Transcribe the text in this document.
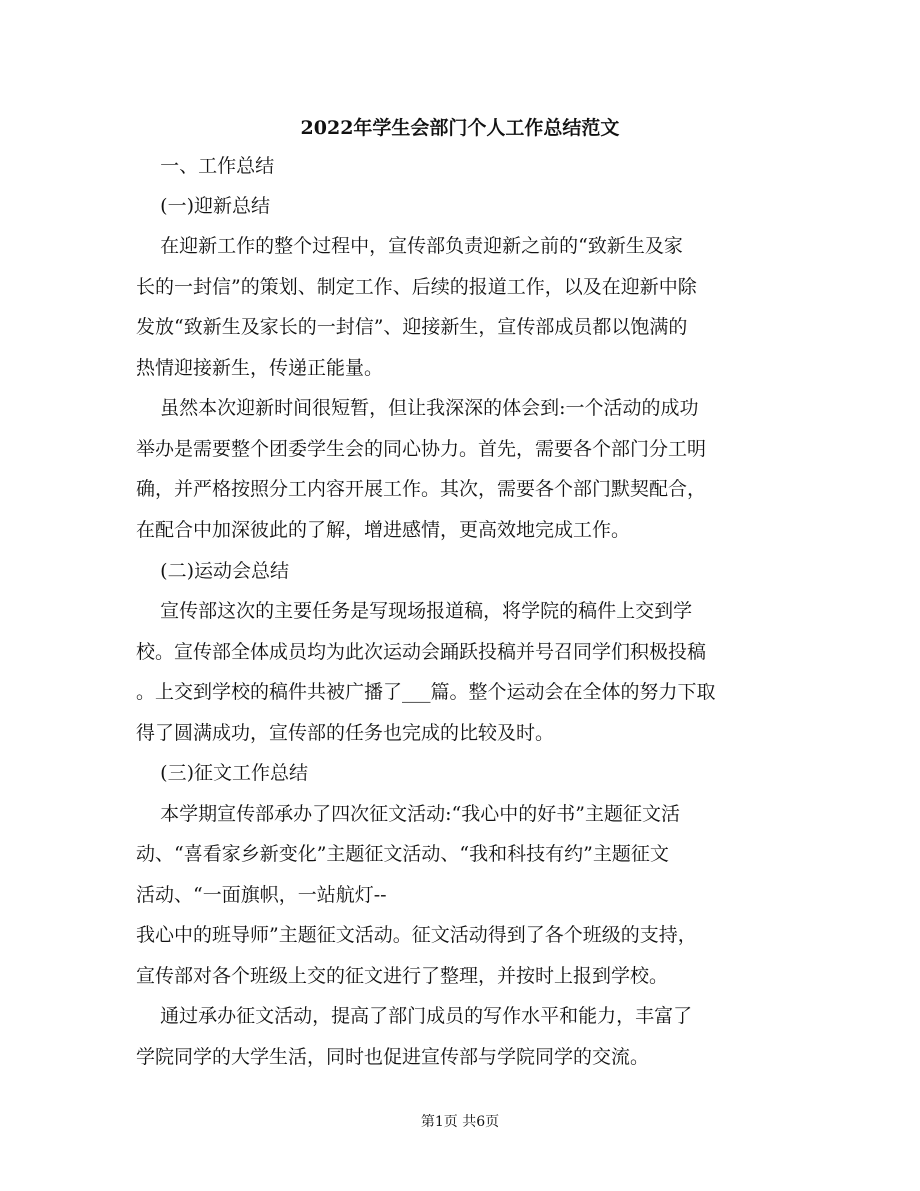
2022年学生会部门个人工作总结范文
一、工作总结
(一)迎新总结
在迎新工作的整个过程中，宣传部负责迎新之前的“致新生及家
长的一封信”的策划、制定工作、后续的报道工作，以及在迎新中除
发放“致新生及家长的一封信”、迎接新生，宣传部成员都以饱满的
热情迎接新生，传递正能量。
虽然本次迎新时间很短暂，但让我深深的体会到:一个活动的成功
举办是需要整个团委学生会的同心协力。首先，需要各个部门分工明
确，并严格按照分工内容开展工作。其次，需要各个部门默契配合，
在配合中加深彼此的了解，增进感情，更高效地完成工作。
(二)运动会总结
宣传部这次的主要任务是写现场报道稿，将学院的稿件上交到学
校。宣传部全体成员均为此次运动会踊跃投稿并号召同学们积极投稿
。上交到学校的稿件共被广播了___篇。整个运动会在全体的努力下取
得了圆满成功，宣传部的任务也完成的比较及时。
(三)征文工作总结
本学期宣传部承办了四次征文活动:“我心中的好书”主题征文活
动、“喜看家乡新变化”主题征文活动、“我和科技有约”主题征文
活动、“一面旗帜，一站航灯--
我心中的班导师”主题征文活动。征文活动得到了各个班级的支持，
宣传部对各个班级上交的征文进行了整理，并按时上报到学校。
通过承办征文活动，提高了部门成员的写作水平和能力，丰富了
学院同学的大学生活，同时也促进宣传部与学院同学的交流。
第1页 共6页
